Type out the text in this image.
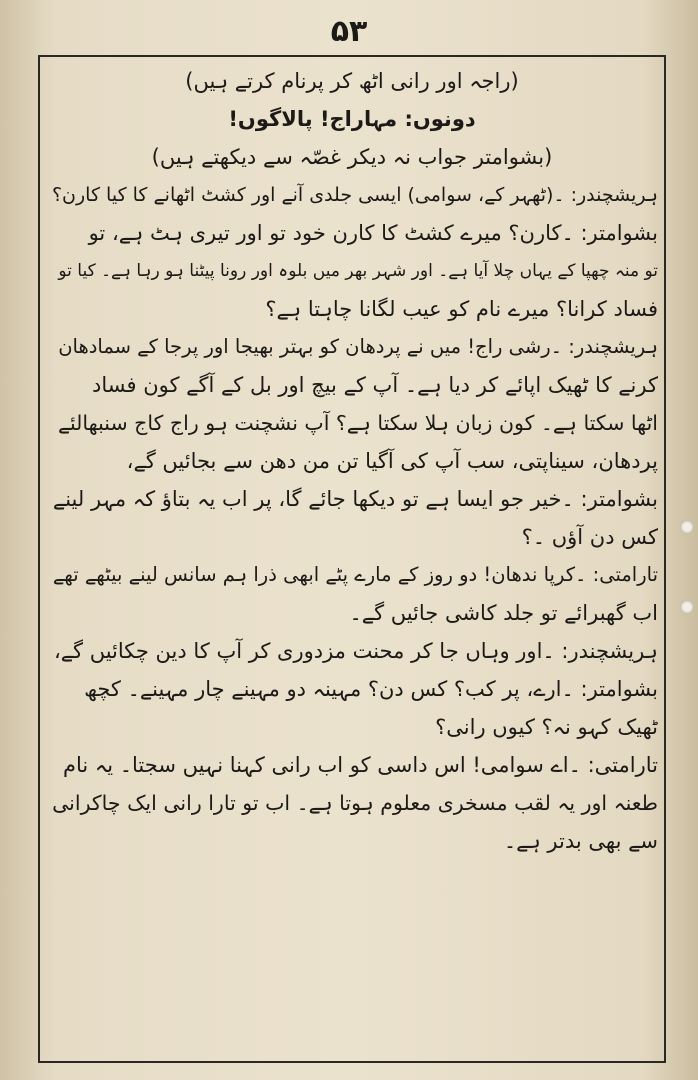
۵۳
(راجہ اور رانی اٹھ کر پرنام کرتے ہیں)
دونوں: مہاراج! پالاگوں!
(بشوامتر جواب نہ دیکر غصّہ سے دیکھتے ہیں)
ہریشچندر: ۔(ٹھہر کے، سوامی) ایسی جلدی آنے اور کشٹ اٹھانے کا کیا کارن؟
بشوامتر: ۔کارن؟ میرے کشٹ کا کارن خود تو اور تیری ہٹ ہے، تو
تو منہ چھپا کے یہاں چلا آیا ہے۔ اور شہر بھر میں بلوہ اور رونا پیٹنا ہو رہا ہے۔ کیا تو
فساد کرانا؟ میرے نام کو عیب لگانا چاہتا ہے؟
ہریشچندر: ۔رشی راج! میں نے پردھان کو بہتر بھیجا اور پرجا کے سمادھان
کرنے کا ٹھیک اپائے کر دیا ہے۔ آپ کے بیچ اور بل کے آگے کون فساد
اٹھا سکتا ہے۔ کون زبان ہلا سکتا ہے؟ آپ نشچنت ہو راج کاج سنبھالئے
پردھان، سیناپتی، سب آپ کی آگیا تن من دھن سے بجائیں گے،
بشوامتر: ۔خیر جو ایسا ہے تو دیکھا جائے گا، پر اب یہ بتاؤ کہ مہر لینے
کس دن آؤں ۔؟
تارامتی: ۔کرپا ندھان! دو روز کے مارے پٹے ابھی ذرا ہم سانس لینے بیٹھے تھے
اب گھبرائے تو جلد کاشی جائیں گے۔
ہریشچندر: ۔اور وہاں جا کر محنت مزدوری کر آپ کا دین چکائیں گے،
بشوامتر: ۔ارے، پر کب؟ کس دن؟ مہینہ دو مہینے چار مہینے۔ کچھ
ٹھیک کہو نہ؟ کیوں رانی؟
تارامتی: ۔اے سوامی! اس داسی کو اب رانی کہنا نہیں سجتا۔ یہ نام
طعنہ اور یہ لقب مسخری معلوم ہوتا ہے۔ اب تو تارا رانی ایک چاکرانی
سے بھی بدتر ہے۔
